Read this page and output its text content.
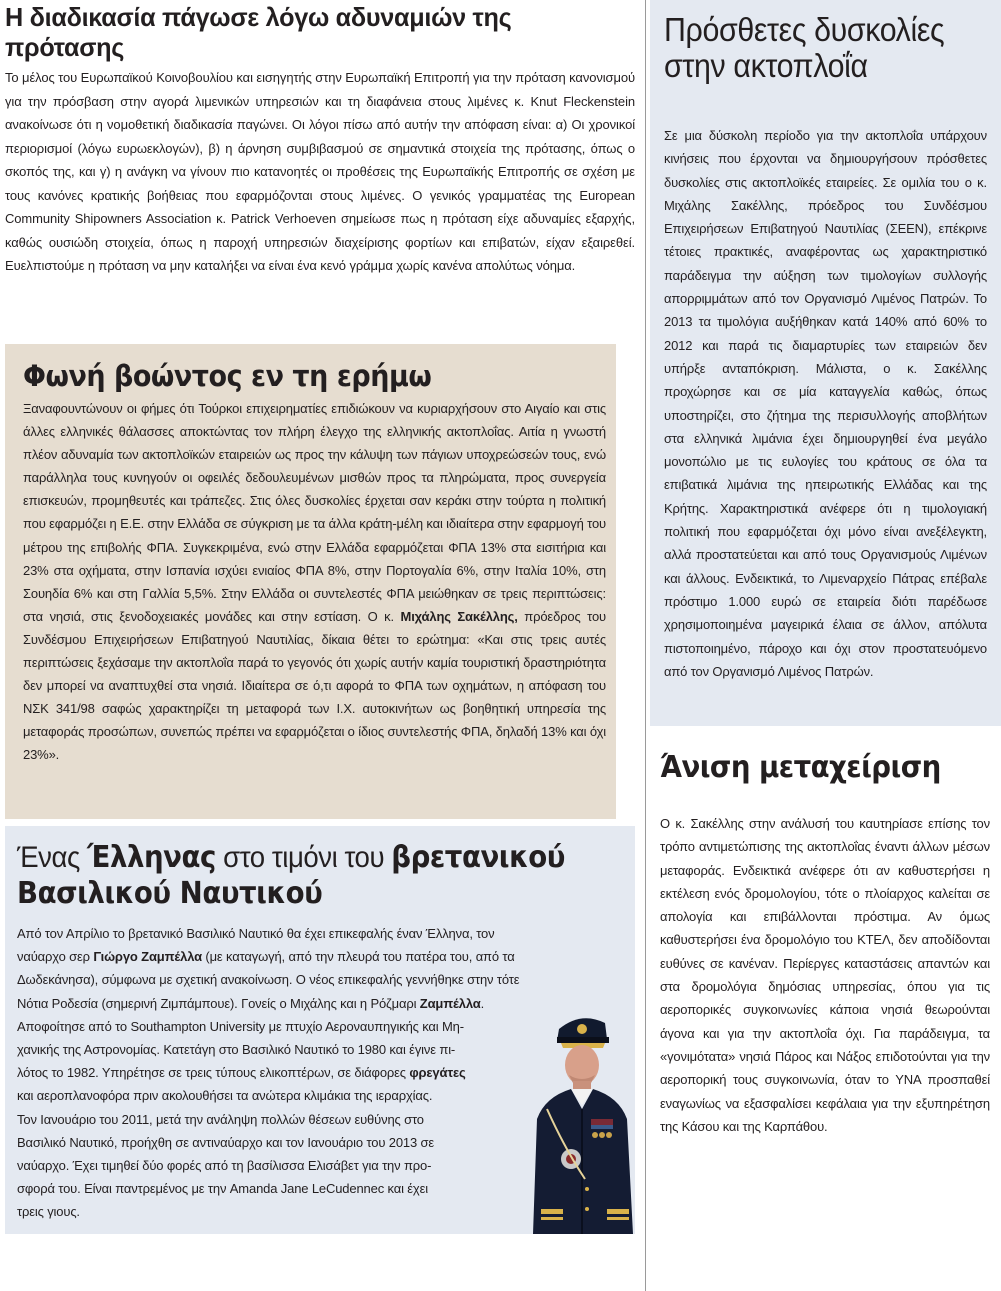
Η διαδικασία πάγωσε λόγω αδυναμιών της πρότασης

Το μέλος του Ευρωπαϊκού Κοινοβουλίου και εισηγητής στην Ευρωπαϊκή Επιτροπή για την πρόταση κανονισμού για την πρόσβαση στην αγορά λιμενικών υπηρεσιών και τη διαφάνεια στους λιμένες κ. Knut Fleckenstein ανακοίνωσε ότι η νομοθετική διαδικασία παγώνει. Οι λόγοι πίσω από αυτήν την απόφαση είναι: α) Οι χρονικοί περιορισμοί (λόγω ευρωεκλογών), β) η άρνηση συμβιβασμού σε σημαντικά στοιχεία της πρότασης, όπως ο σκοπός της, και γ) η ανάγκη να γίνουν πιο κατανοητές οι προθέσεις της Ευρωπαϊκής Επιτροπής σε σχέση με τους κανόνες κρατικής βοήθειας που εφαρμόζονται στους λιμένες. Ο γενικός γραμματέας της European Community Shipowners Association κ. Patrick Verhoeven σημείωσε πως η πρόταση είχε αδυναμίες εξαρχής, καθώς ουσιώδη στοιχεία, όπως η παροχή υπηρεσιών διαχείρισης φορτίων και επιβατών, είχαν εξαιρεθεί. Ευελπιστούμε η πρόταση να μην καταλήξει να είναι ένα κενό γράμμα χωρίς κανένα απολύτως νόημα.

Φωνή βοώντος εν τη ερήμω

Ξαναφουντώνουν οι φήμες ότι Τούρκοι επιχειρηματίες επιδιώκουν να κυριαρχήσουν στο Αιγαίο και στις άλλες ελληνικές θάλασσες αποκτώντας τον πλήρη έλεγχο της ελληνικής ακτοπλοΐας. Αιτία η γνωστή πλέον αδυναμία των ακτοπλοϊκών εταιρειών ως προς την κάλυψη των πάγιων υποχρεώσεών τους, ενώ παράλληλα τους κυνηγούν οι οφειλές δεδουλευμένων μισθών προς τα πληρώματα, προς συνεργεία επισκευών, προμηθευτές και τράπεζες. Στις όλες δυσκολίες έρχεται σαν κεράκι στην τούρτα η πολιτική που εφαρμόζει η Ε.Ε. στην Ελλάδα σε σύγκριση με τα άλλα κράτη-μέλη και ιδιαίτερα στην εφαρμογή του μέτρου της επιβολής ΦΠΑ. Συγκεκριμένα, ενώ στην Ελλάδα εφαρμόζεται ΦΠΑ 13% στα εισιτήρια και 23% στα οχήματα, στην Ισπανία ισχύει ενιαίος ΦΠΑ 8%, στην Πορτογαλία 6%, στην Ιταλία 10%, στη Σουηδία 6% και στη Γαλλία 5,5%. Στην Ελλάδα οι συντελεστές ΦΠΑ μειώθηκαν σε τρεις περιπτώσεις: στα νησιά, στις ξενοδοχειακές μονάδες και στην εστίαση. Ο κ. Μιχάλης Σακέλλης, πρόεδρος του Συνδέσμου Επιχειρήσεων Επιβατηγού Ναυτιλίας, δίκαια θέτει το ερώτημα: «Και στις τρεις αυτές περιπτώσεις ξεχάσαμε την ακτοπλοΐα παρά το γεγονός ότι χωρίς αυτήν καμία τουριστική δραστηριότητα δεν μπορεί να αναπτυχθεί στα νησιά. Ιδιαίτερα σε ό,τι αφορά το ΦΠΑ των οχημάτων, η απόφαση του ΝΣΚ 341/98 σαφώς χαρακτηρίζει τη μεταφορά των Ι.Χ. αυτοκινήτων ως βοηθητική υπηρεσία της μεταφοράς προσώπων, συνεπώς πρέπει να εφαρμόζεται ο ίδιος συντελεστής ΦΠΑ, δηλαδή 13% και όχι 23%».

Ένας Έλληνας στο τιμόνι του βρετανικού
Βασιλικού Ναυτικού
Από τον Απρίλιο το βρετανικό Βασιλικό Ναυτικό θα έχει επικεφαλής έναν Έλληνα, τον
ναύαρχο σερ Γιώργο Ζαμπέλλα (με καταγωγή, από την πλευρά του πατέρα του, από τα
Δωδεκάνησα), σύμφωνα με σχετική ανακοίνωση. Ο νέος επικεφαλής γεννήθηκε στην τότε
Νότια Ροδεσία (σημερινή Ζιμπάμπουε). Γονείς ο Μιχάλης και η Ρόζμαρι Ζαμπέλλα.
Αποφοίτησε από το Southampton University με πτυχίο Αεροναυπηγικής και Μη-
χανικής της Αστρονομίας. Κατετάγη στο Βασιλικό Ναυτικό το 1980 και έγινε πι-
λότος το 1982. Υπηρέτησε σε τρεις τύπους ελικοπτέρων, σε διάφορες φρεγάτες
και αεροπλανοφόρα πριν ακολουθήσει τα ανώτερα κλιμάκια της ιεραρχίας.
Τον Ιανουάριο του 2011, μετά την ανάληψη πολλών θέσεων ευθύνης στο
Βασιλικό Ναυτικό, προήχθη σε αντιναύαρχο και τον Ιανουάριο του 2013 σε
ναύαρχο. Έχει τιμηθεί δύο φορές από τη βασίλισσα Ελισάβετ για την προ-
σφορά του. Είναι παντρεμένος με την Amanda Jane LeCudennec και έχει
τρεις γιους.
Πρόσθετες δυσκολίες στην ακτοπλοΐα

Σε μια δύσκολη περίοδο για την ακτοπλοΐα υπάρχουν κινήσεις που έρχονται να δημιουργήσουν πρόσθετες δυσκολίες στις ακτοπλοϊκές εταιρείες. Σε ομιλία του ο κ. Μιχάλης Σακέλλης, πρόεδρος του Συνδέσμου Επιχειρήσεων Επιβατηγού Ναυτιλίας (ΣΕΕΝ), επέκρινε τέτοιες πρακτικές, αναφέροντας ως χαρακτηριστικό παράδειγμα την αύξηση των τιμολογίων συλλογής απορριμμάτων από τον Οργανισμό Λιμένος Πατρών. Το 2013 τα τιμολόγια αυξήθηκαν κατά 140% από 60% το 2012 και παρά τις διαμαρτυρίες των εταιρειών δεν υπήρξε ανταπόκριση. Μάλιστα, ο κ. Σακέλλης προχώρησε και σε μία καταγγελία καθώς, όπως υποστηρίζει, στο ζήτημα της περισυλλογής αποβλήτων στα ελληνικά λιμάνια έχει δημιουργηθεί ένα μεγάλο μονοπώλιο με τις ευλογίες του κράτους σε όλα τα επιβατικά λιμάνια της ηπειρωτικής Ελλάδας και της Κρήτης. Χαρακτηριστικά ανέφερε ότι η τιμολογιακή πολιτική που εφαρμόζεται όχι μόνο είναι ανεξέλεγκτη, αλλά προστατεύεται και από τους Οργανισμούς Λιμένων και άλλους. Ενδεικτικά, το Λιμεναρχείο Πάτρας επέβαλε πρόστιμο 1.000 ευρώ σε εταιρεία διότι παρέδωσε χρησιμοποιημένα μαγειρικά έλαια σε άλλον, απόλυτα πιστοποιημένο, πάροχο και όχι στον προστατευόμενο από τον Οργανισμό Λιμένος Πατρών.

Άνιση μεταχείριση

Ο κ. Σακέλλης στην ανάλυσή του καυτηρίασε επίσης τον τρόπο αντιμετώπισης της ακτοπλοΐας έναντι άλλων μέσων μεταφοράς. Ενδεικτικά ανέφερε ότι αν καθυστερήσει η εκτέλεση ενός δρομολογίου, τότε ο πλοίαρχος καλείται σε απολογία και επιβάλλονται πρόστιμα. Αν όμως καθυστερήσει ένα δρομολόγιο του ΚΤΕΛ, δεν αποδίδονται ευθύνες σε κανέναν. Περίεργες καταστάσεις απαντών και στα δρομολόγια δημόσιας υπηρεσίας, όπου για τις αεροπορικές συγκοινωνίες κάποια νησιά θεωρούνται άγονα και για την ακτοπλοΐα όχι. Για παράδειγμα, τα «γονιμότατα» νησιά Πάρος και Νάξος επιδοτούνται για την αεροπορική τους συγκοινωνία, όταν το ΥΝΑ προσπαθεί εναγωνίως να εξασφαλίσει κεφάλαια για την εξυπηρέτηση της Κάσου και της Καρπάθου.
